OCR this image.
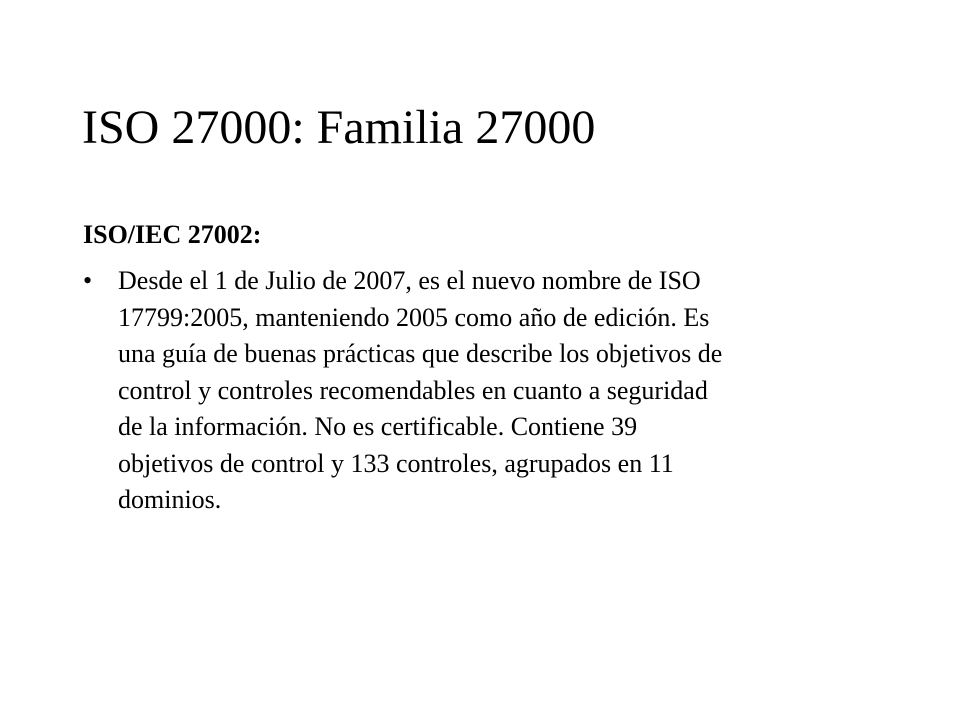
ISO 27000: Familia 27000

ISO/IEC 27002:

• Desde el 1 de Julio de 2007, es el nuevo nombre de ISO
17799:2005, manteniendo 2005 como año de edición. Es
una guía de buenas prácticas que describe los objetivos de
control y controles recomendables en cuanto a seguridad
de la información. No es certificable. Contiene 39
objetivos de control y 133 controles, agrupados en 11
dominios.
